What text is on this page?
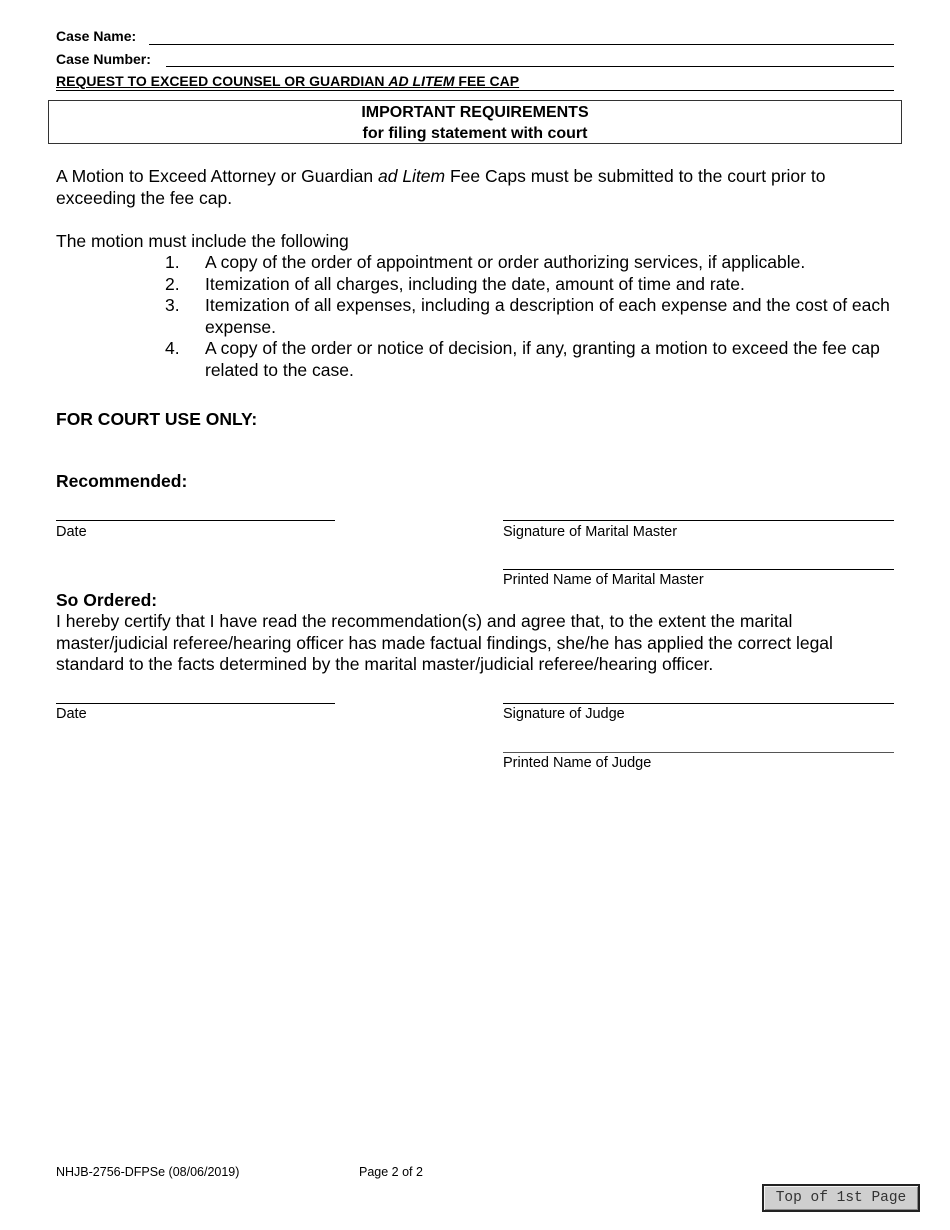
Case Name:
Case Number:
REQUEST TO EXCEED COUNSEL OR GUARDIAN AD LITEM FEE CAP
IMPORTANT REQUIREMENTS
for filing statement with court
A Motion to Exceed Attorney or Guardian ad Litem Fee Caps must be submitted to the court prior to exceeding the fee cap.
The motion must include the following
1.	A copy of the order of appointment or order authorizing services, if applicable.
2.	Itemization of all charges, including the date, amount of time and rate.
3.	Itemization of all expenses, including a description of each expense and the cost of each expense.
4.	A copy of the order or notice of decision, if any, granting a motion to exceed the fee cap related to the case.
FOR COURT USE ONLY:
Recommended:
Date	Signature of Marital Master
Printed Name of Marital Master
So Ordered:
I hereby certify that I have read the recommendation(s) and agree that, to the extent the marital master/judicial referee/hearing officer has made factual findings, she/he has applied the correct legal standard to the facts determined by the marital master/judicial referee/hearing officer.
Date	Signature of Judge
Printed Name of Judge
NHJB-2756-DFPSe (08/06/2019)	Page 2 of 2
Top of 1st Page
